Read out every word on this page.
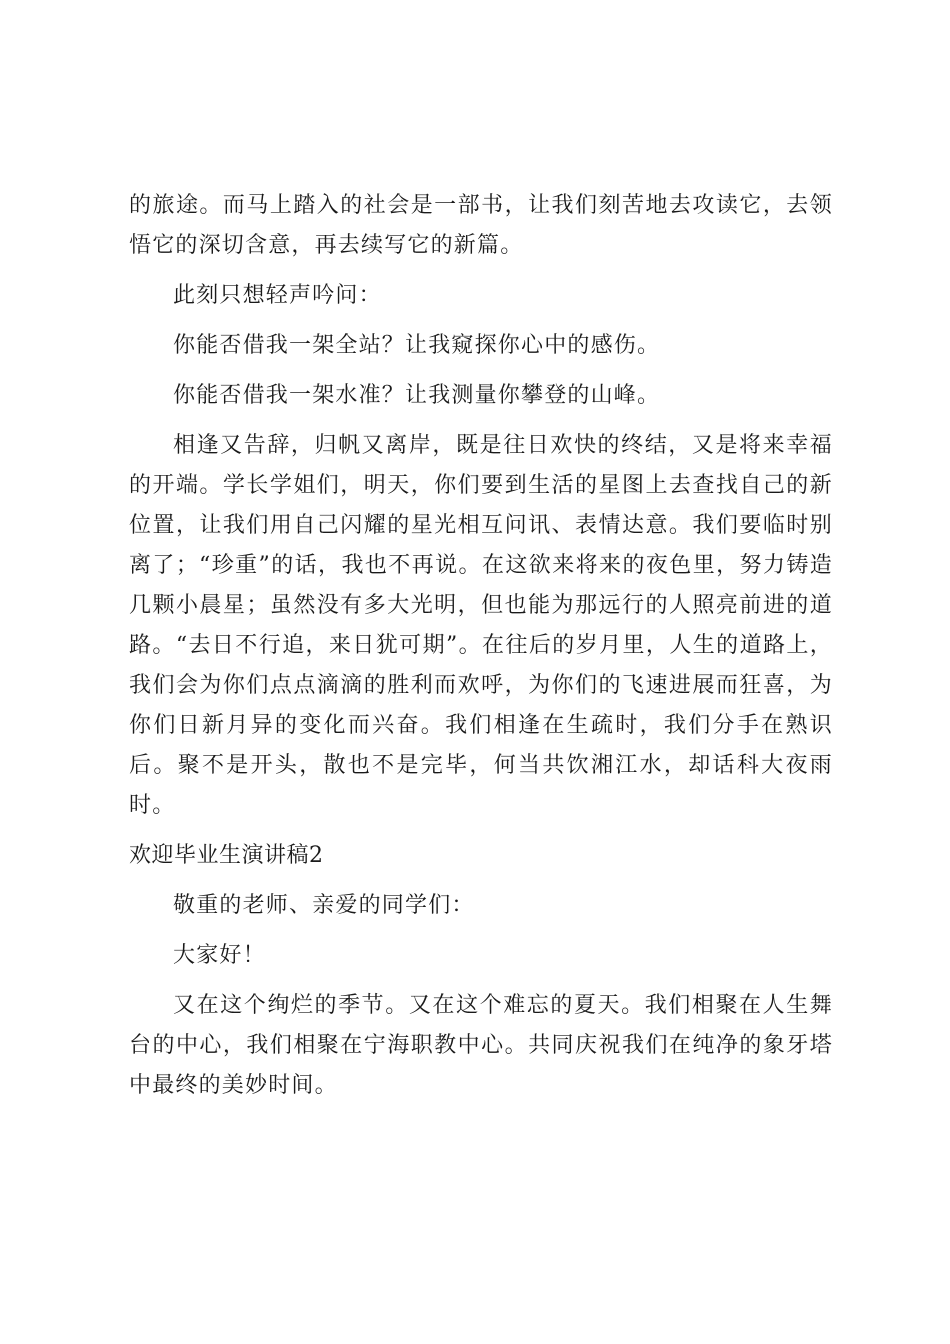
的旅途。而马上踏入的社会是一部书，让我们刻苦地去攻读它，去领悟它的深切含意，再去续写它的新篇。

此刻只想轻声吟问：

你能否借我一架全站？让我窥探你心中的感伤。

你能否借我一架水准？让我测量你攀登的山峰。

相逢又告辞，归帆又离岸，既是往日欢快的终结，又是将来幸福的开端。学长学姐们，明天，你们要到生活的星图上去查找自己的新位置，让我们用自己闪耀的星光相互问讯、表情达意。我们要临时别离了；“珍重”的话，我也不再说。在这欲来将来的夜色里，努力铸造几颗小晨星；虽然没有多大光明，但也能为那远行的人照亮前进的道路。“去日不行追，来日犹可期”。在往后的岁月里，人生的道路上，我们会为你们点点滴滴的胜利而欢呼，为你们的飞速进展而狂喜，为你们日新月异的变化而兴奋。我们相逢在生疏时，我们分手在熟识后。聚不是开头，散也不是完毕，何当共饮湘江水，却话科大夜雨时。

欢迎毕业生演讲稿2

敬重的老师、亲爱的同学们：

大家好！

又在这个绚烂的季节。又在这个难忘的夏天。我们相聚在人生舞台的中心，我们相聚在宁海职教中心。共同庆祝我们在纯净的象牙塔中最终的美妙时间。
